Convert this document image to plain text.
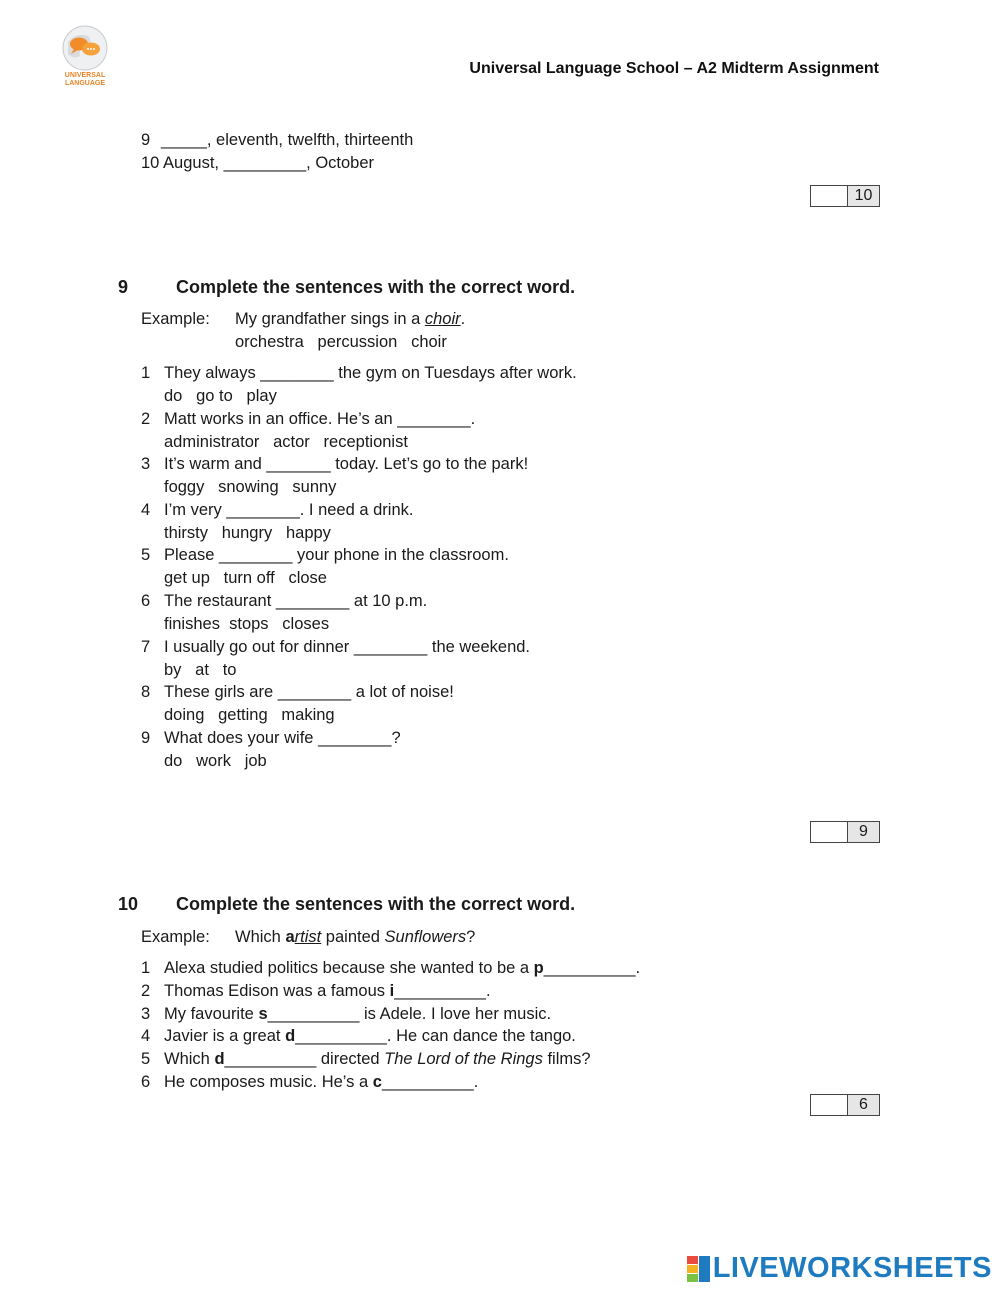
UNIVERSAL LANGUAGE
Universal Language School – A2 Midterm Assignment
9 _____, eleventh, twelfth, thirteenth
10 August, _________, October
10
9	Complete the sentences with the correct word.
Example: My grandfather sings in a choir.
orchestra   percussion   choir
1 They always ________ the gym on Tuesdays after work.
do   go to   play
2 Matt works in an office. He’s an ________.
administrator   actor   receptionist
3 It’s warm and _______ today. Let’s go to the park!
foggy   snowing   sunny
4 I’m very ________. I need a drink.
thirsty   hungry   happy
5 Please ________ your phone in the classroom.
get up   turn off   close
6 The restaurant ________ at 10 p.m.
finishes  stops   closes
7 I usually go out for dinner ________ the weekend.
by   at   to
8 These girls are ________ a lot of noise!
doing   getting   making
9 What does your wife ________?
do   work   job
9
10 Complete the sentences with the correct word.
Example: Which artist painted Sunflowers?
1 Alexa studied politics because she wanted to be a p__________.
2 Thomas Edison was a famous i__________.
3 My favourite s__________ is Adele. I love her music.
4 Javier is a great d__________. He can dance the tango.
5 Which d__________ directed The Lord of the Rings films?
6 He composes music. He’s a c__________.
6
LIVEWORKSHEETS
